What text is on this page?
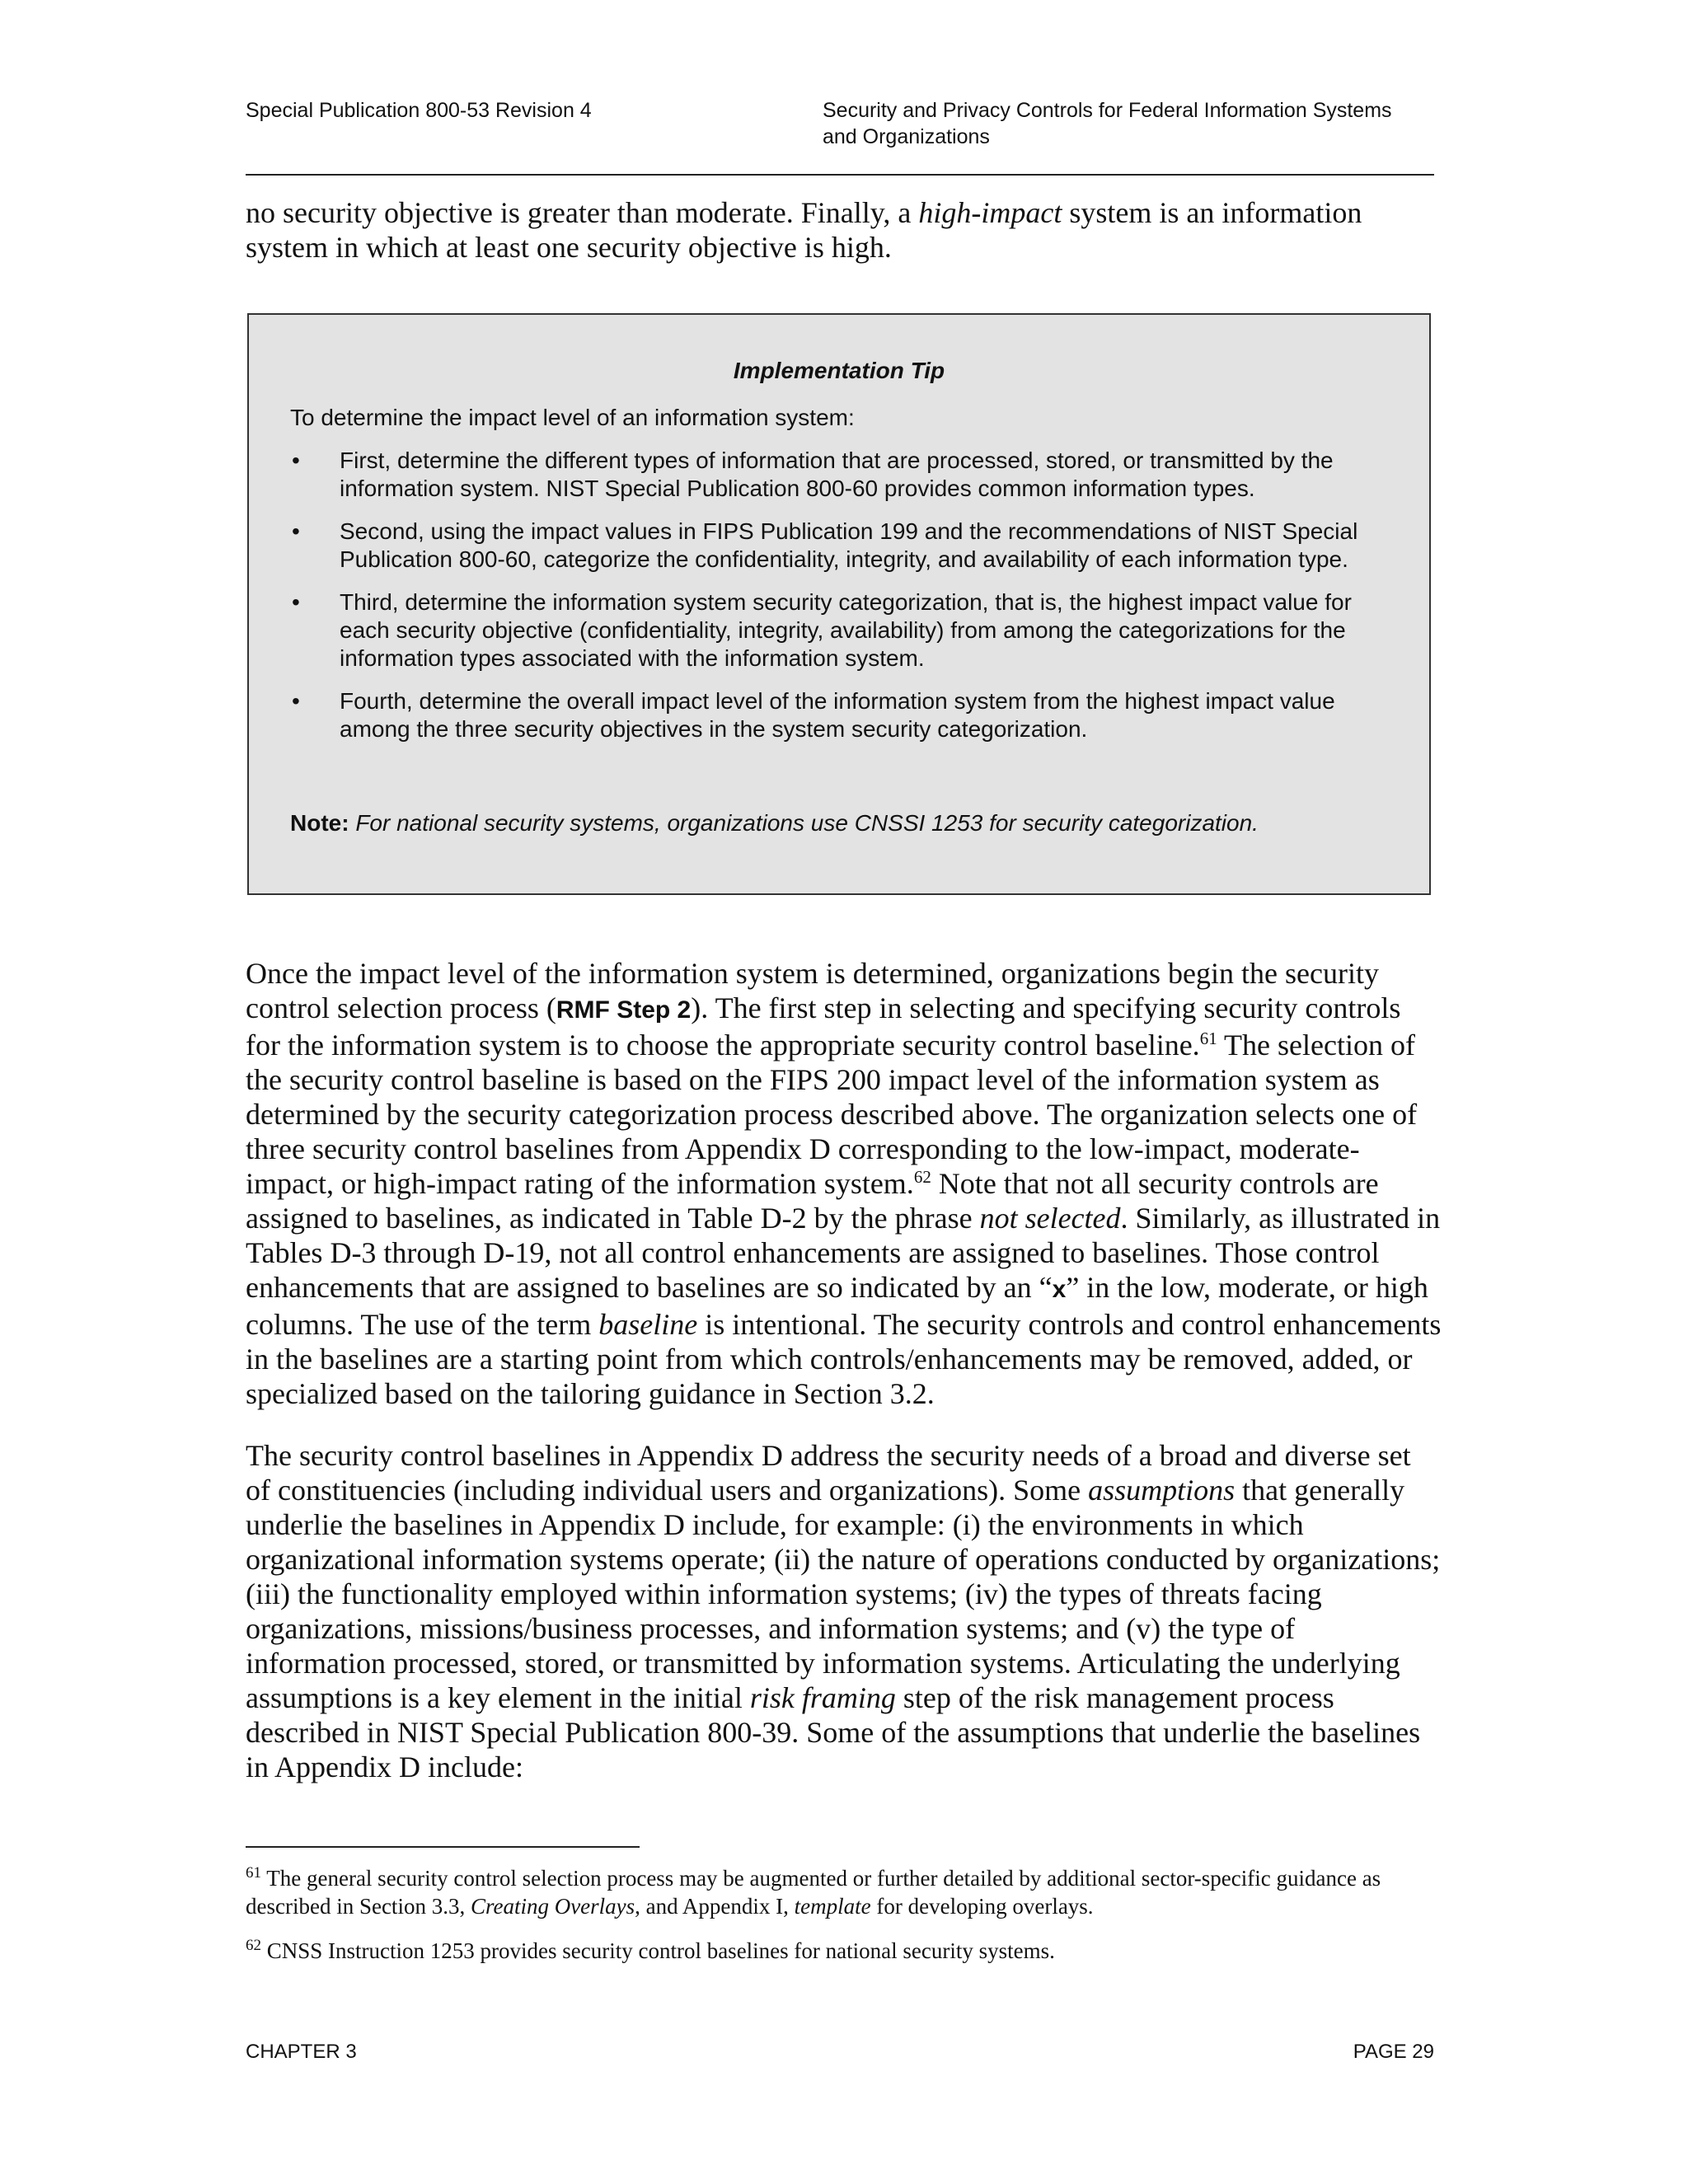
Special Publication 800-53 Revision 4	Security and Privacy Controls for Federal Information Systems
and Organizations

no security objective is greater than moderate. Finally, a high-impact system is an information system in which at least one security objective is high.

Implementation Tip
To determine the impact level of an information system:
• First, determine the different types of information that are processed, stored, or transmitted by the information system. NIST Special Publication 800-60 provides common information types.
• Second, using the impact values in FIPS Publication 199 and the recommendations of NIST Special Publication 800-60, categorize the confidentiality, integrity, and availability of each information type.
• Third, determine the information system security categorization, that is, the highest impact value for each security objective (confidentiality, integrity, availability) from among the categorizations for the information types associated with the information system.
• Fourth, determine the overall impact level of the information system from the highest impact value among the three security objectives in the system security categorization.
Note: For national security systems, organizations use CNSSI 1253 for security categorization.

Once the impact level of the information system is determined, organizations begin the security control selection process (RMF Step 2). The first step in selecting and specifying security controls for the information system is to choose the appropriate security control baseline.$^{61}$ The selection of the security control baseline is based on the FIPS 200 impact level of the information system as determined by the security categorization process described above. The organization selects one of three security control baselines from Appendix D corresponding to the low-impact, moderate-impact, or high-impact rating of the information system.$^{62}$ Note that not all security controls are assigned to baselines, as indicated in Table D-2 by the phrase not selected. Similarly, as illustrated in Tables D-3 through D-19, not all control enhancements are assigned to baselines. Those control enhancements that are assigned to baselines are so indicated by an “x” in the low, moderate, or high columns. The use of the term baseline is intentional. The security controls and control enhancements in the baselines are a starting point from which controls/enhancements may be removed, added, or specialized based on the tailoring guidance in Section 3.2.

The security control baselines in Appendix D address the security needs of a broad and diverse set of constituencies (including individual users and organizations). Some assumptions that generally underlie the baselines in Appendix D include, for example: (i) the environments in which organizational information systems operate; (ii) the nature of operations conducted by organizations; (iii) the functionality employed within information systems; (iv) the types of threats facing organizations, missions/business processes, and information systems; and (v) the type of information processed, stored, or transmitted by information systems. Articulating the underlying assumptions is a key element in the initial risk framing step of the risk management process described in NIST Special Publication 800-39. Some of the assumptions that underlie the baselines in Appendix D include:

$^{61}$ The general security control selection process may be augmented or further detailed by additional sector-specific guidance as described in Section 3.3, Creating Overlays, and Appendix I, template for developing overlays.

$^{62}$ CNSS Instruction 1253 provides security control baselines for national security systems.

CHAPTER 3	PAGE 29
